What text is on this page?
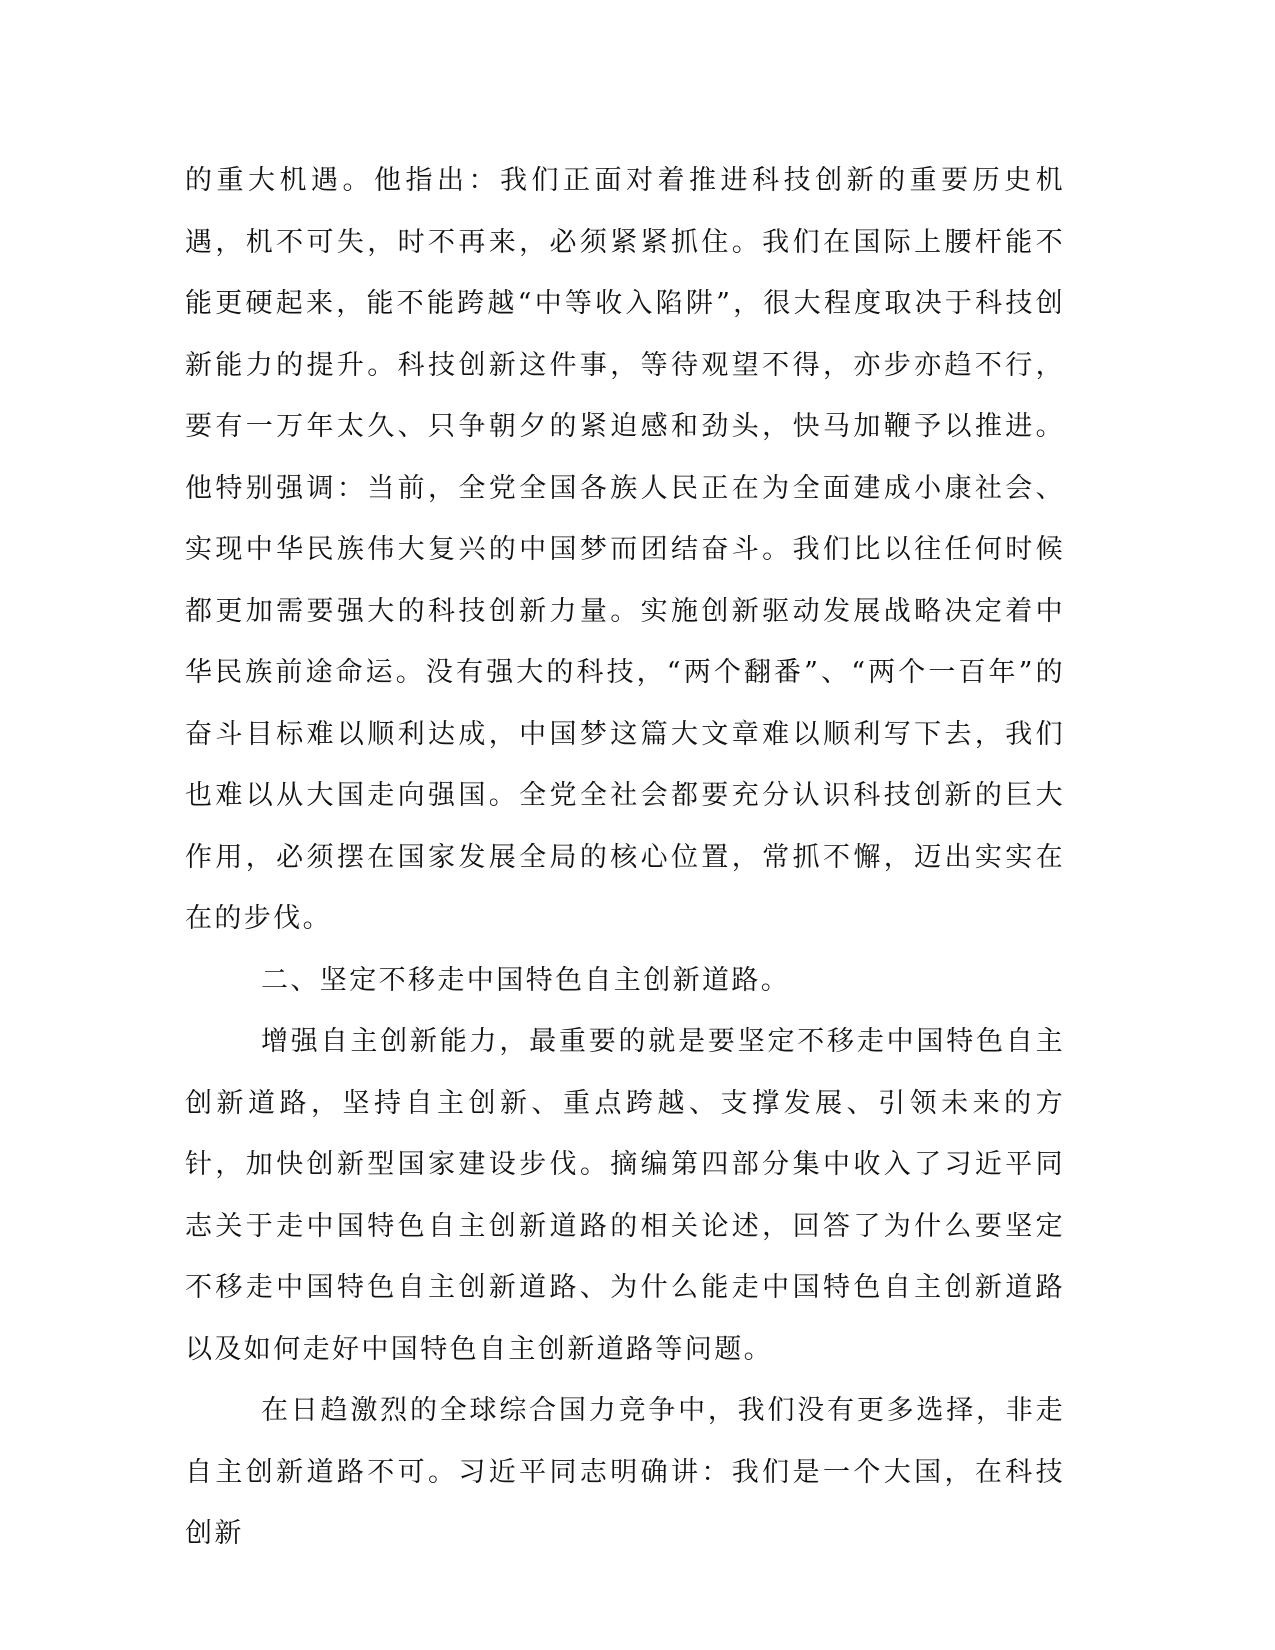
的重大机遇。他指出：我们正面对着推进科技创新的重要历史机遇，机不可失，时不再来，必须紧紧抓住。我们在国际上腰杆能不能更硬起来，能不能跨越“中等收入陷阱”，很大程度取决于科技创新能力的提升。科技创新这件事，等待观望不得，亦步亦趋不行，要有一万年太久、只争朝夕的紧迫感和劲头，快马加鞭予以推进。他特别强调：当前，全党全国各族人民正在为全面建成小康社会、实现中华民族伟大复兴的中国梦而团结奋斗。我们比以往任何时候都更加需要强大的科技创新力量。实施创新驱动发展战略决定着中华民族前途命运。没有强大的科技，“两个翻番”、“两个一百年”的奋斗目标难以顺利达成，中国梦这篇大文章难以顺利写下去，我们也难以从大国走向强国。全党全社会都要充分认识科技创新的巨大作用，必须摆在国家发展全局的核心位置，常抓不懈，迈出实实在在的步伐。

二、坚定不移走中国特色自主创新道路。

增强自主创新能力，最重要的就是要坚定不移走中国特色自主创新道路，坚持自主创新、重点跨越、支撑发展、引领未来的方针，加快创新型国家建设步伐。摘编第四部分集中收入了习近平同志关于走中国特色自主创新道路的相关论述，回答了为什么要坚定不移走中国特色自主创新道路、为什么能走中国特色自主创新道路以及如何走好中国特色自主创新道路等问题。

在日趋激烈的全球综合国力竞争中，我们没有更多选择，非走自主创新道路不可。习近平同志明确讲：我们是一个大国，在科技创新
